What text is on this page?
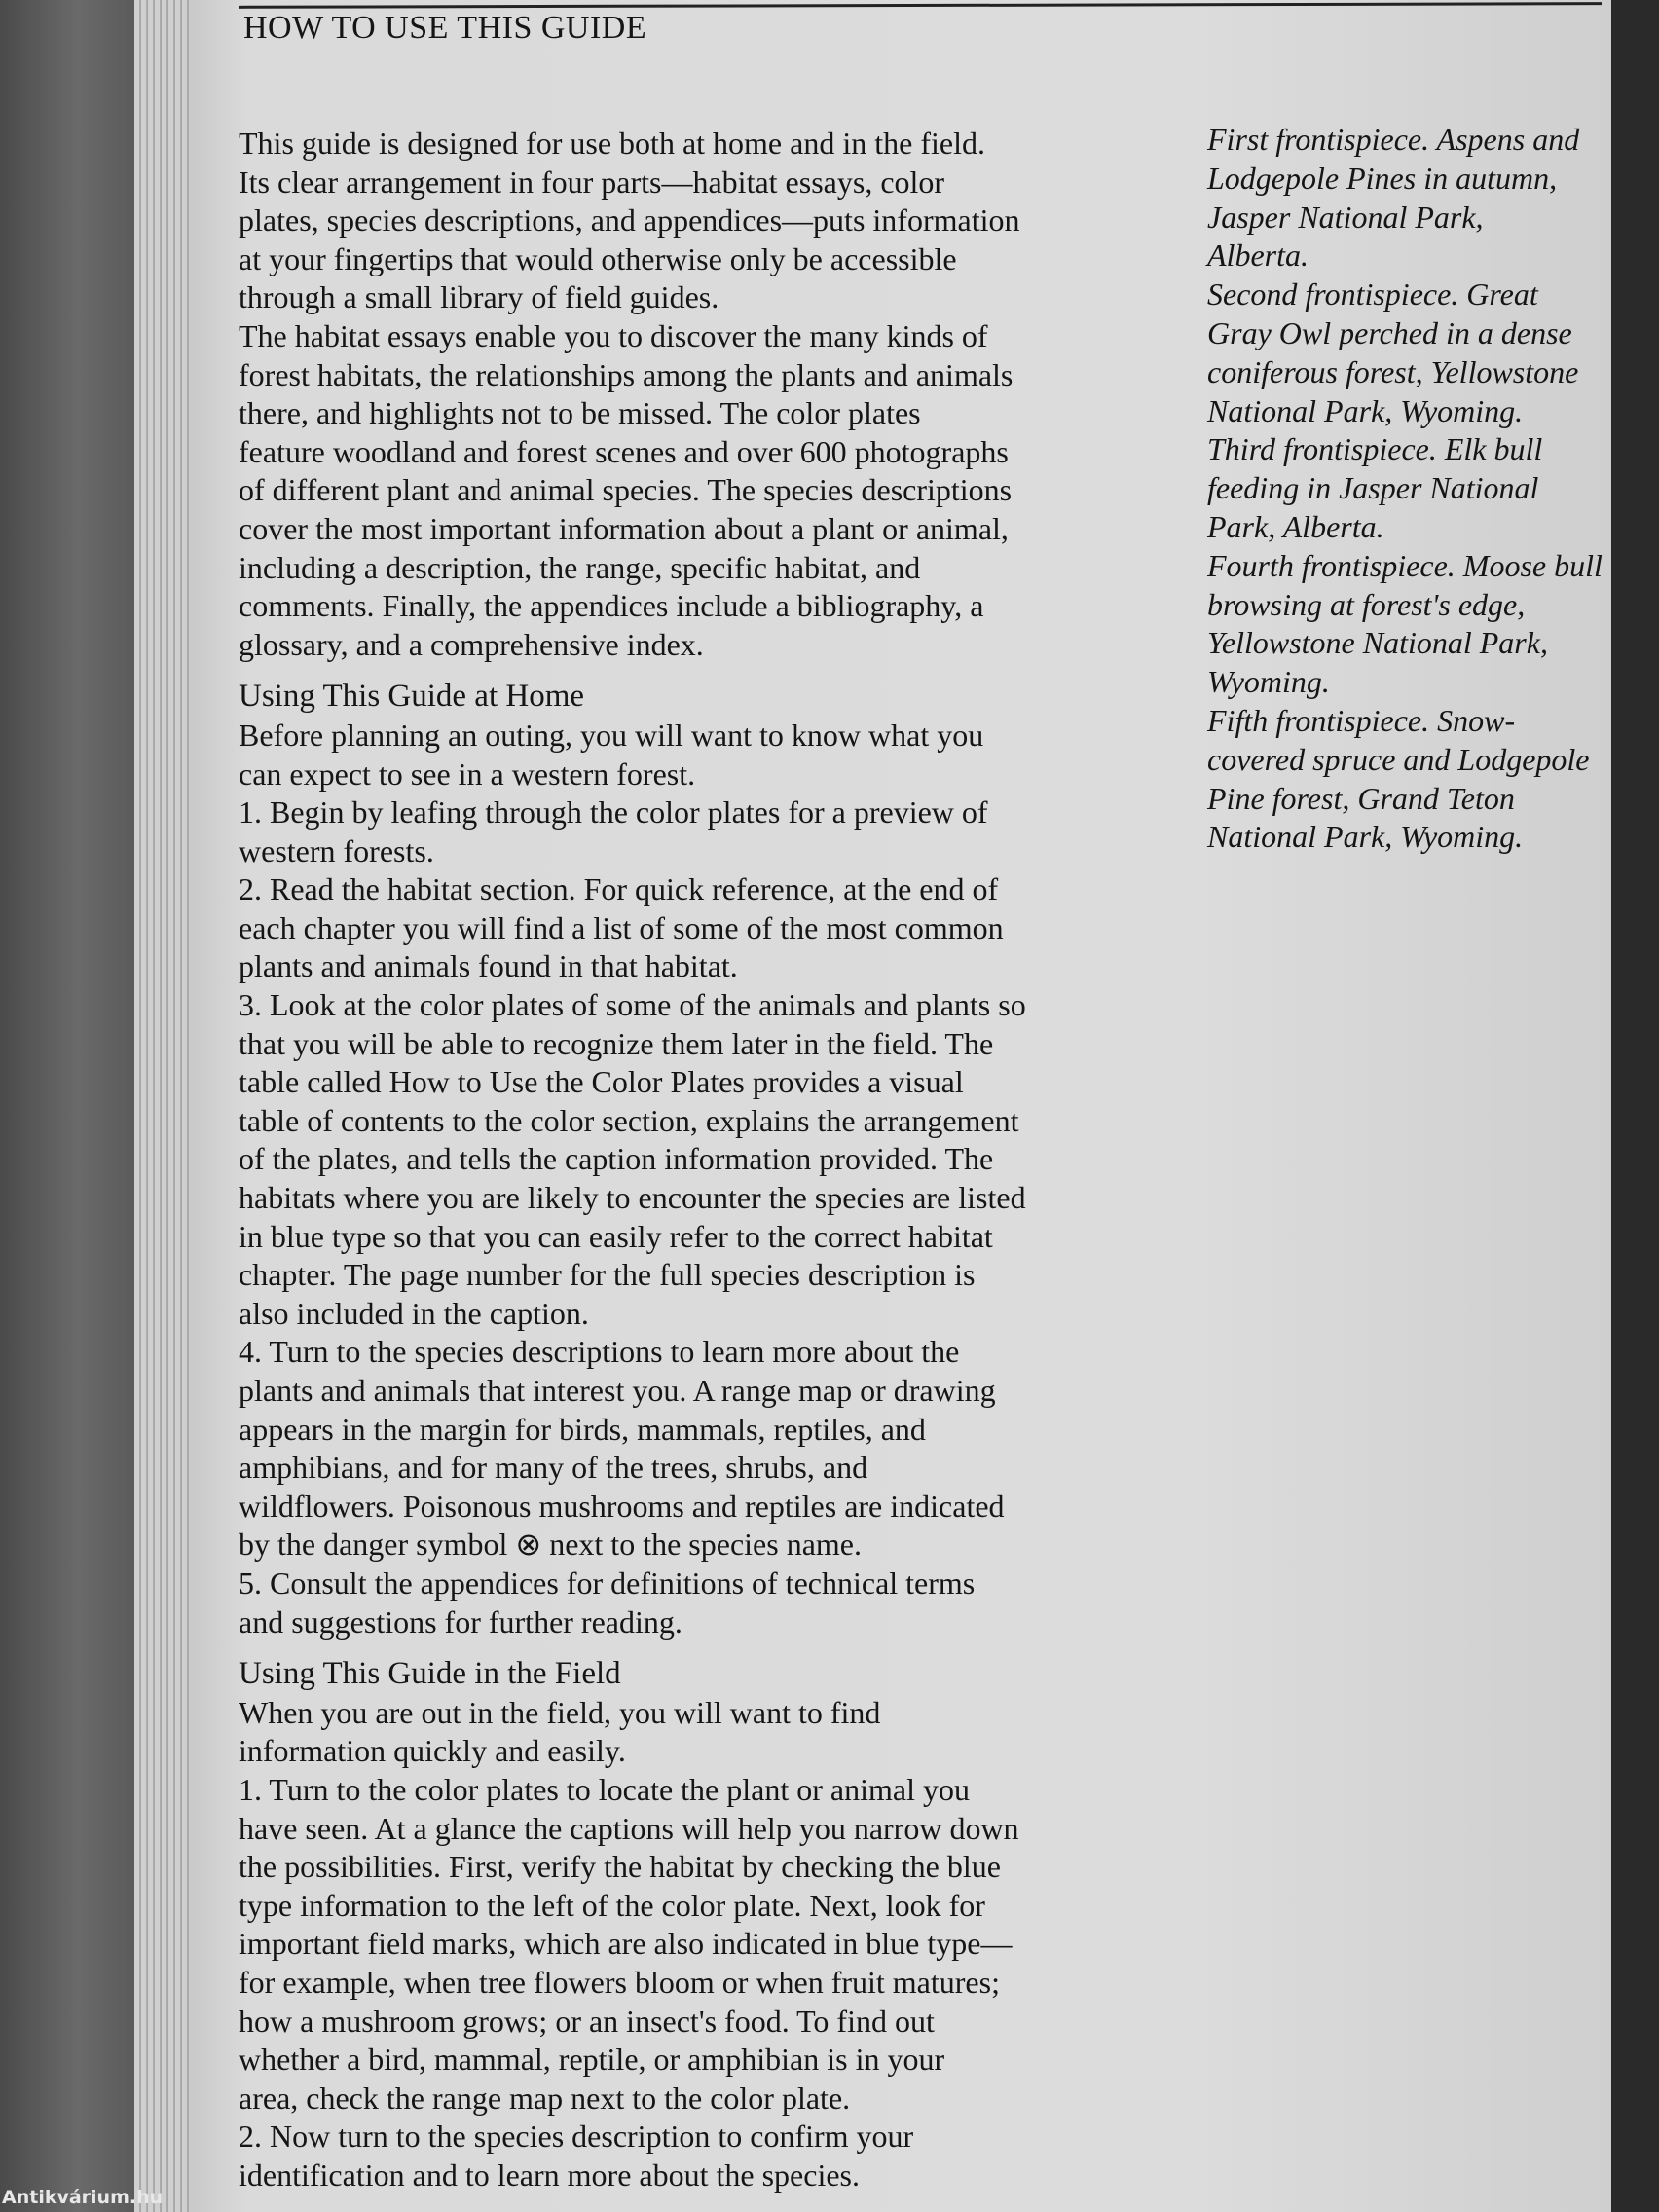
HOW TO USE THIS GUIDE
This guide is designed for use both at home and in the field.
Its clear arrangement in four parts—habitat essays, color
plates, species descriptions, and appendices—puts information
at your fingertips that would otherwise only be accessible
through a small library of field guides.
The habitat essays enable you to discover the many kinds of
forest habitats, the relationships among the plants and animals
there, and highlights not to be missed. The color plates
feature woodland and forest scenes and over 600 photographs
of different plant and animal species. The species descriptions
cover the most important information about a plant or animal,
including a description, the range, specific habitat, and
comments. Finally, the appendices include a bibliography, a
glossary, and a comprehensive index.
Using This Guide at Home
Before planning an outing, you will want to know what you
can expect to see in a western forest.
1. Begin by leafing through the color plates for a preview of
western forests.
2. Read the habitat section. For quick reference, at the end of
each chapter you will find a list of some of the most common
plants and animals found in that habitat.
3. Look at the color plates of some of the animals and plants so
that you will be able to recognize them later in the field. The
table called How to Use the Color Plates provides a visual
table of contents to the color section, explains the arrangement
of the plates, and tells the caption information provided. The
habitats where you are likely to encounter the species are listed
in blue type so that you can easily refer to the correct habitat
chapter. The page number for the full species description is
also included in the caption.
4. Turn to the species descriptions to learn more about the
plants and animals that interest you. A range map or drawing
appears in the margin for birds, mammals, reptiles, and
amphibians, and for many of the trees, shrubs, and
wildflowers. Poisonous mushrooms and reptiles are indicated
by the danger symbol ⊗ next to the species name.
5. Consult the appendices for definitions of technical terms
and suggestions for further reading.
Using This Guide in the Field
When you are out in the field, you will want to find
information quickly and easily.
1. Turn to the color plates to locate the plant or animal you
have seen. At a glance the captions will help you narrow down
the possibilities. First, verify the habitat by checking the blue
type information to the left of the color plate. Next, look for
important field marks, which are also indicated in blue type—
for example, when tree flowers bloom or when fruit matures;
how a mushroom grows; or an insect's food. To find out
whether a bird, mammal, reptile, or amphibian is in your
area, check the range map next to the color plate.
2. Now turn to the species description to confirm your
identification and to learn more about the species.
First frontispiece. Aspens and
Lodgepole Pines in autumn,
Jasper National Park,
Alberta.
Second frontispiece. Great
Gray Owl perched in a dense
coniferous forest, Yellowstone
National Park, Wyoming.
Third frontispiece. Elk bull
feeding in Jasper National
Park, Alberta.
Fourth frontispiece. Moose bull
browsing at forest's edge,
Yellowstone National Park,
Wyoming.
Fifth frontispiece. Snow-
covered spruce and Lodgepole
Pine forest, Grand Teton
National Park, Wyoming.
Antikvárium.hu
